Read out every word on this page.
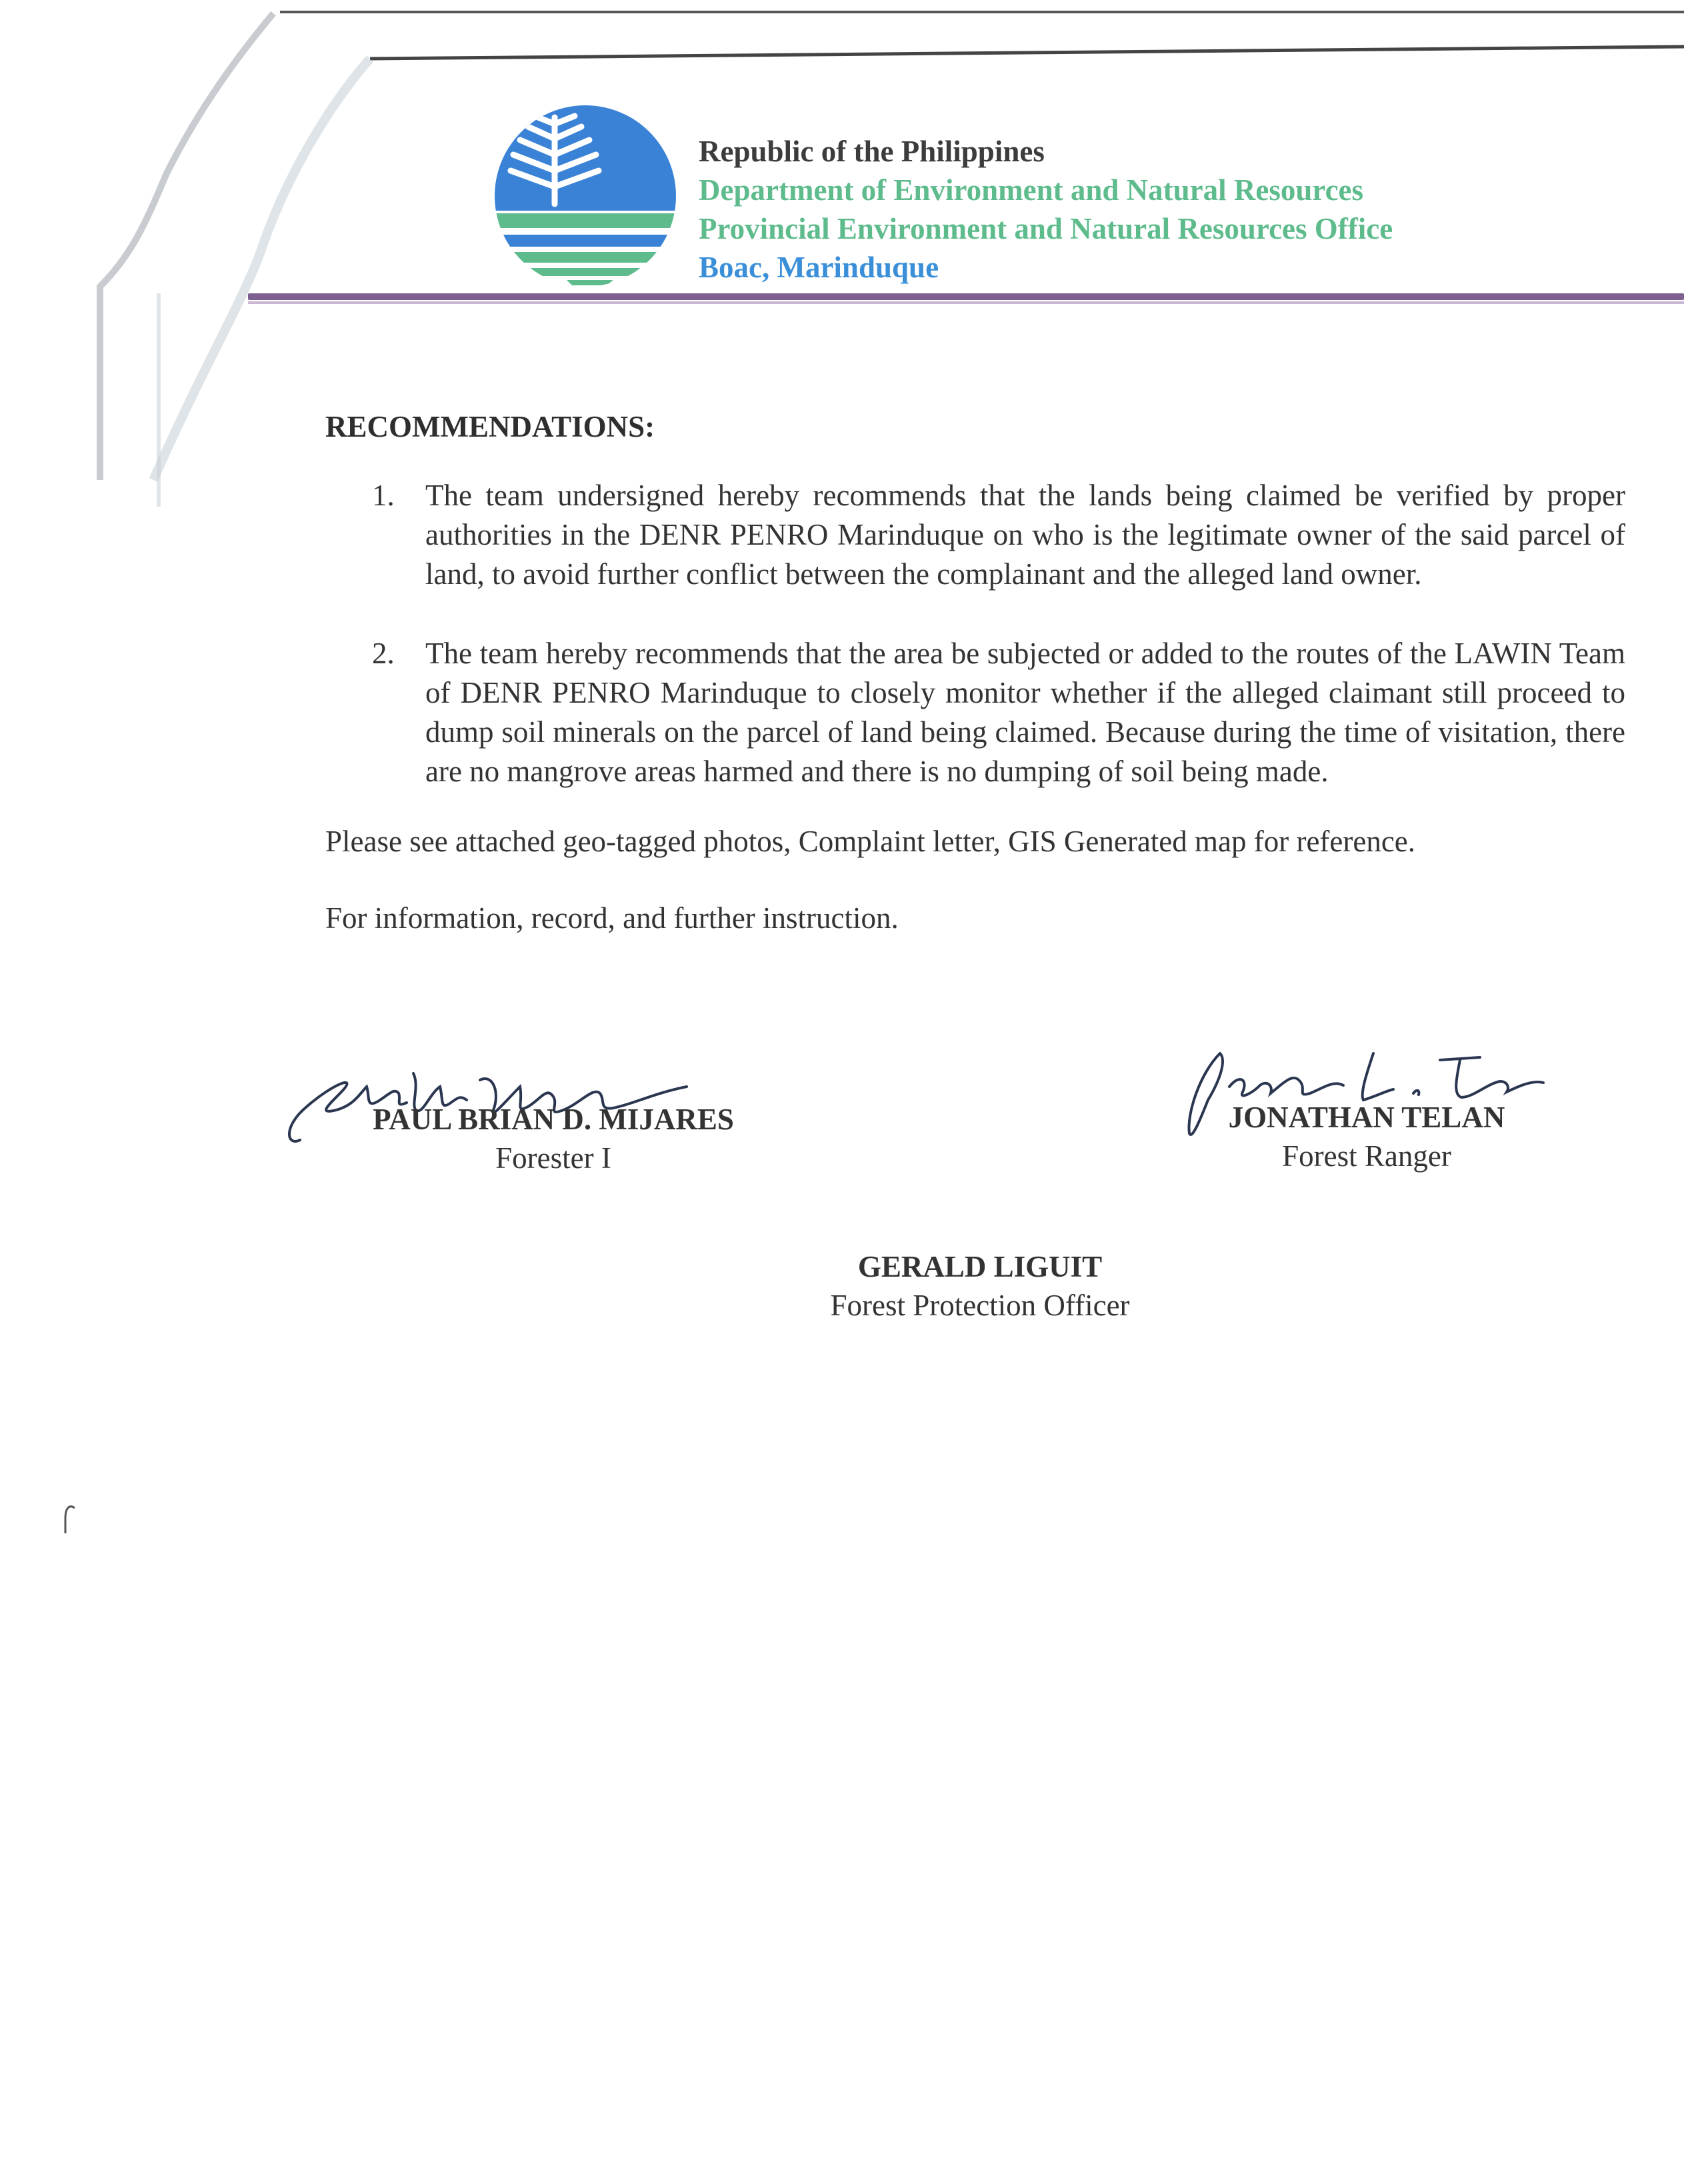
Republic of the Philippines
Department of Environment and Natural Resources
Provincial Environment and Natural Resources Office
Boac, Marinduque
RECOMMENDATIONS:
1. The team undersigned hereby recommends that the lands being claimed be verified by proper authorities in the DENR PENRO Marinduque on who is the legitimate owner of the said parcel of land, to avoid further conflict between the complainant and the alleged land owner.
2. The team hereby recommends that the area be subjected or added to the routes of the LAWIN Team of DENR PENRO Marinduque to closely monitor whether if the alleged claimant still proceed to dump soil minerals on the parcel of land being claimed. Because during the time of visitation, there are no mangrove areas harmed and there is no dumping of soil being made.

Please see attached geo-tagged photos, Complaint letter, GIS Generated map for reference.

For information, record, and further instruction.

PAUL BRIAN D. MIJARES
Forester I
JONATHAN TELAN
Forest Ranger
GERALD LIGUIT
Forest Protection Officer
